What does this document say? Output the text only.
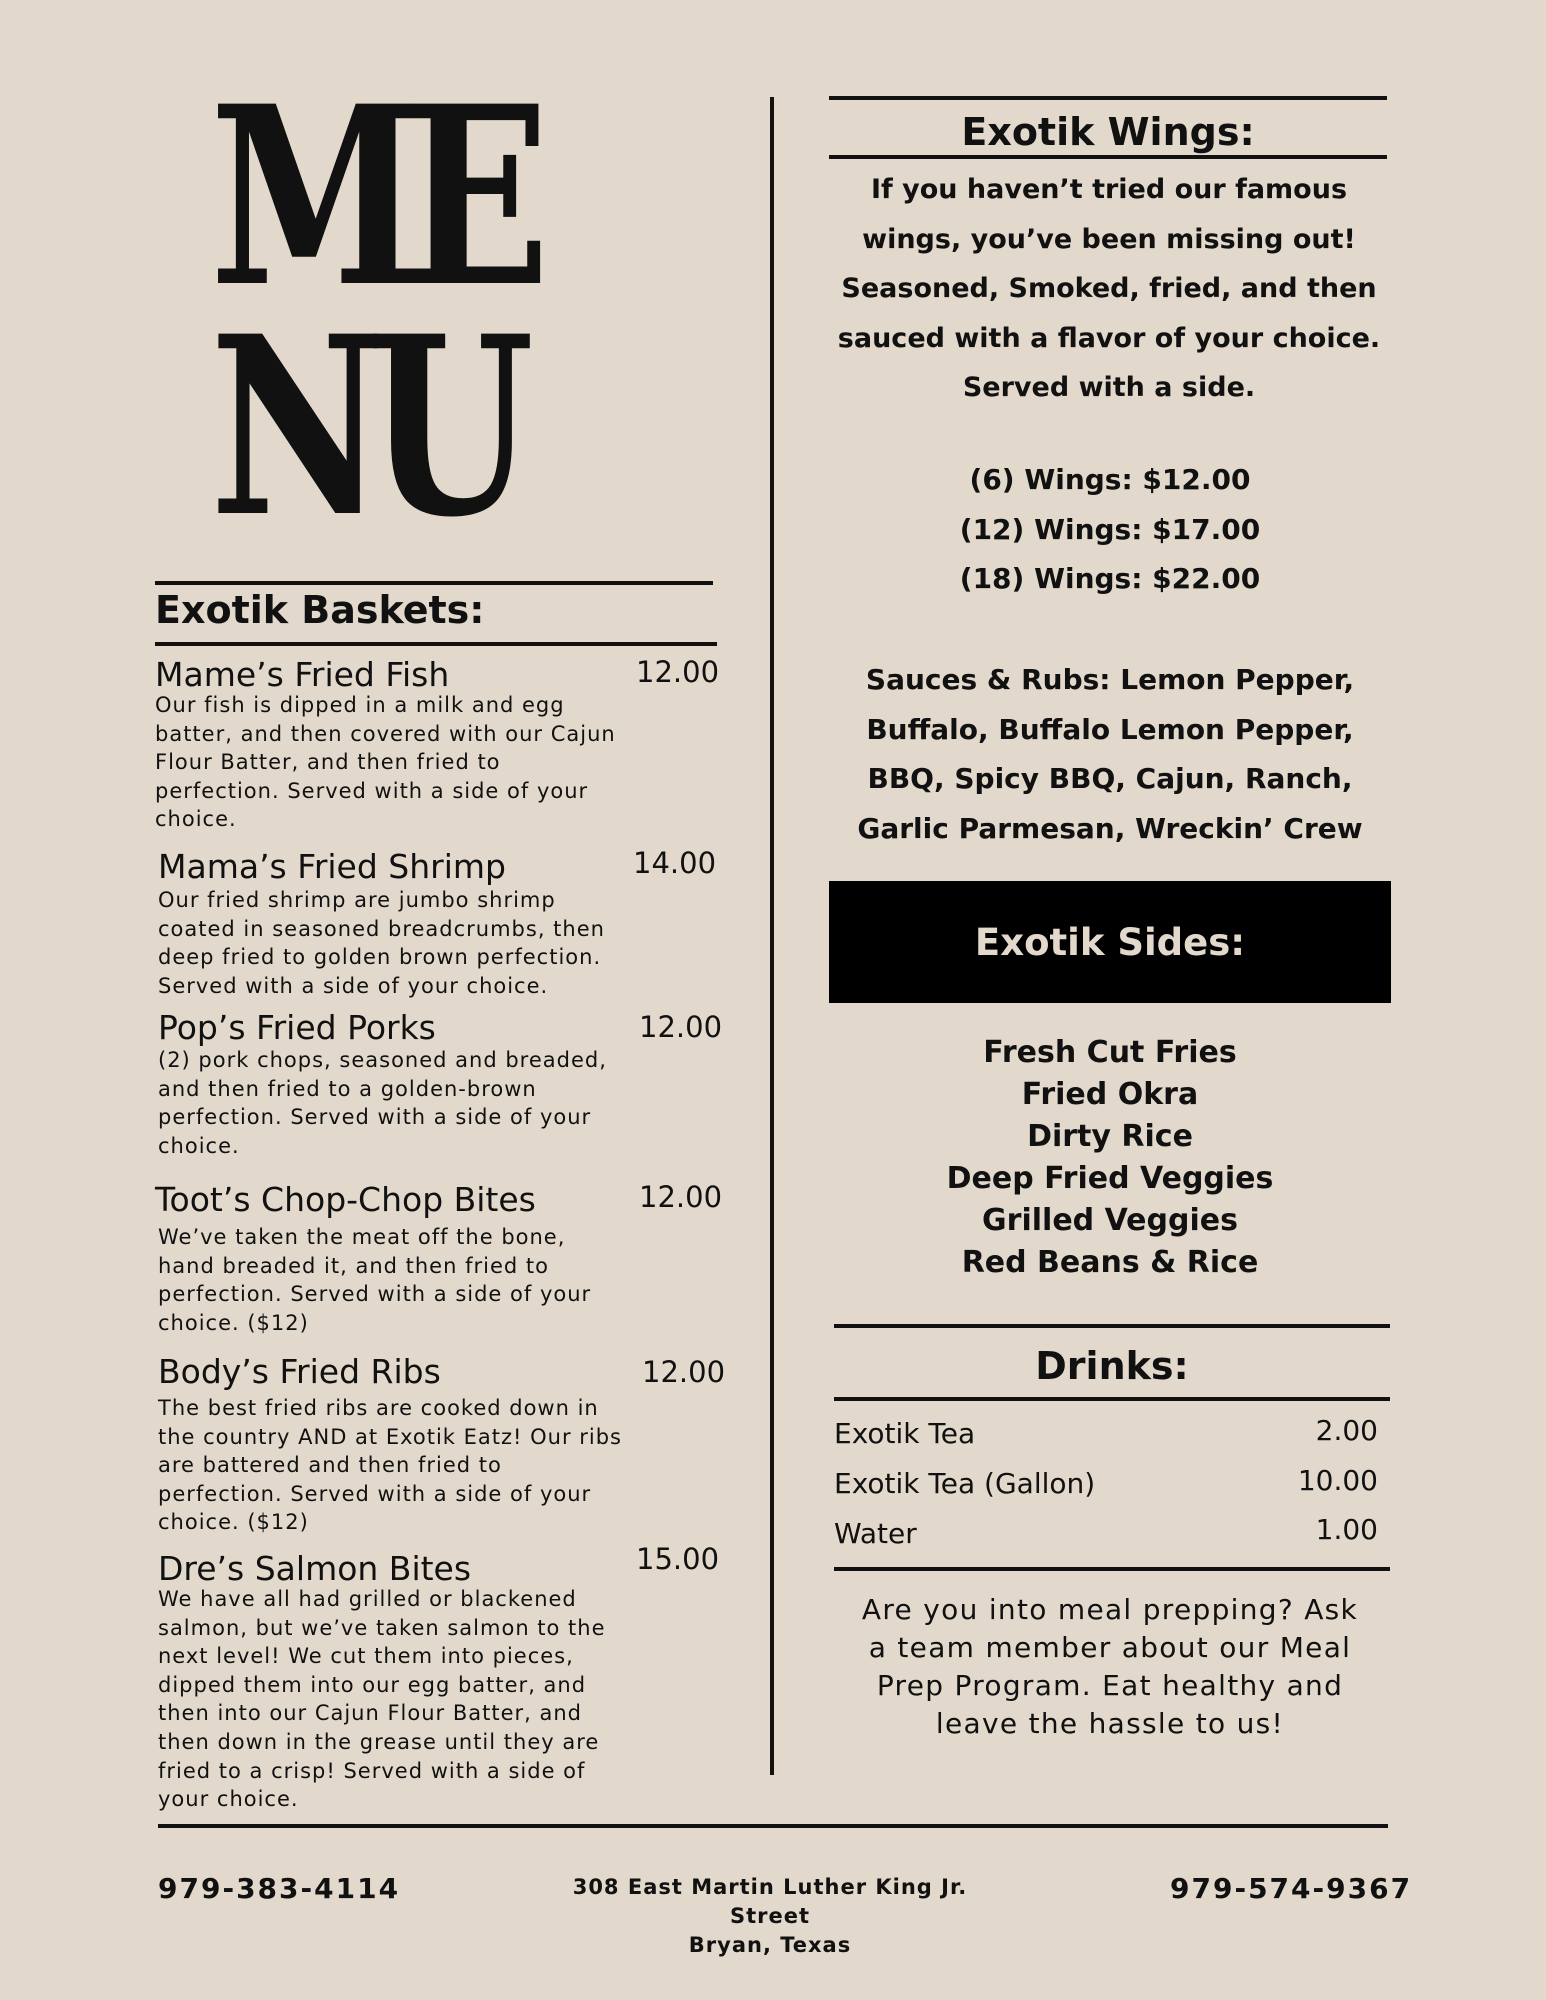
ME
NU
Exotik Baskets:
Mame’s Fried Fish	12.00
Our fish is dipped in a milk and egg batter, and then covered with our Cajun Flour Batter, and then fried to perfection. Served with a side of your choice.
Mama’s Fried Shrimp	14.00
Our fried shrimp are jumbo shrimp coated in seasoned breadcrumbs, then deep fried to golden brown perfection. Served with a side of your choice.
Pop’s Fried Porks	12.00
(2) pork chops, seasoned and breaded, and then fried to a golden-brown perfection. Served with a side of your choice.
Toot’s Chop-Chop Bites	12.00
We’ve taken the meat off the bone, hand breaded it, and then fried to perfection. Served with a side of your choice. ($12)
Body’s Fried Ribs	12.00
The best fried ribs are cooked down in the country AND at Exotik Eatz! Our ribs are battered and then fried to perfection. Served with a side of your choice. ($12)
Dre’s Salmon Bites	15.00
We have all had grilled or blackened salmon, but we’ve taken salmon to the next level! We cut them into pieces, dipped them into our egg batter, and then into our Cajun Flour Batter, and then down in the grease until they are fried to a crisp! Served with a side of your choice.
Exotik Wings:
If you haven’t tried our famous wings, you’ve been missing out! Seasoned, Smoked, fried, and then sauced with a flavor of your choice. Served with a side.
(6) Wings: $12.00
(12) Wings: $17.00
(18) Wings: $22.00
Sauces & Rubs: Lemon Pepper, Buffalo, Buffalo Lemon Pepper, BBQ, Spicy BBQ, Cajun, Ranch, Garlic Parmesan, Wreckin’ Crew
Exotik Sides:
Fresh Cut Fries
Fried Okra
Dirty Rice
Deep Fried Veggies
Grilled Veggies
Red Beans & Rice
Drinks:
Exotik Tea	2.00
Exotik Tea (Gallon)	10.00
Water	1.00
Are you into meal prepping? Ask a team member about our Meal Prep Program. Eat healthy and leave the hassle to us!
979-383-4114	308 East Martin Luther King Jr. Street
Bryan, Texas
979-574-9367
